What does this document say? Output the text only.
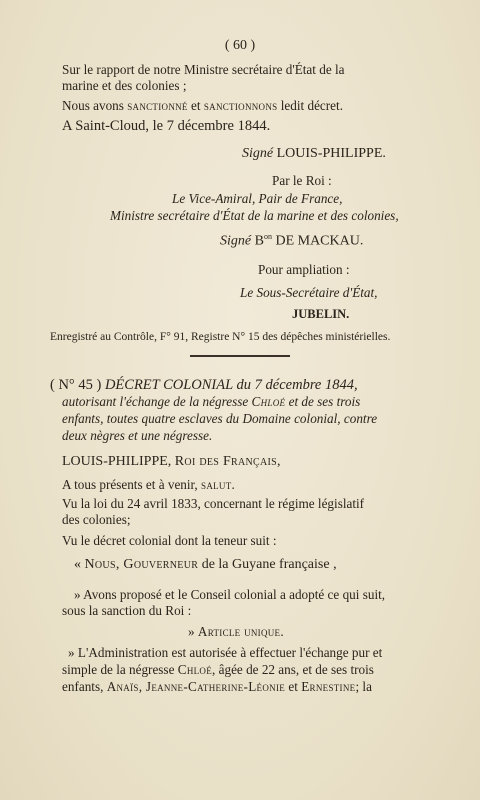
( 60 )
Sur le rapport de notre Ministre secrétaire d'État de la
marine et des colonies ;
Nous avons sanctionné et sanctionnons ledit décret.
A Saint-Cloud, le 7 décembre 1844.
Signé LOUIS-PHILIPPE.
Par le Roi :
Le Vice-Amiral, Pair de France,
Ministre secrétaire d'État de la marine et des colonies,
Signé $B^{on}$ DE MACKAU.
Pour ampliation :
Le Sous-Secrétaire d'État,
JUBELIN.
Enregistré au Contrôle, F° 91, Registre N° 15 des dépêches ministérielles.
( N° 45 ) DÉCRET COLONIAL du 7 décembre 1844,
autorisant l'échange de la négresse Chloé et de ses trois
enfants, toutes quatre esclaves du Domaine colonial, contre
deux nègres et une négresse.
LOUIS-PHILIPPE, Roi des Français,
A tous présents et à venir, salut.
Vu la loi du 24 avril 1833, concernant le régime législatif
des colonies;
Vu le décret colonial dont la teneur suit :
« Nous, Gouverneur de la Guyane française ,
» Avons proposé et le Conseil colonial a adopté ce qui suit,
sous la sanction du Roi :
» Article unique.
» L'Administration est autorisée à effectuer l'échange pur et
simple de la négresse Chloé, âgée de 22 ans, et de ses trois
enfants, Anaïs, Jeanne-Catherine-Léonie et Ernestine; la
